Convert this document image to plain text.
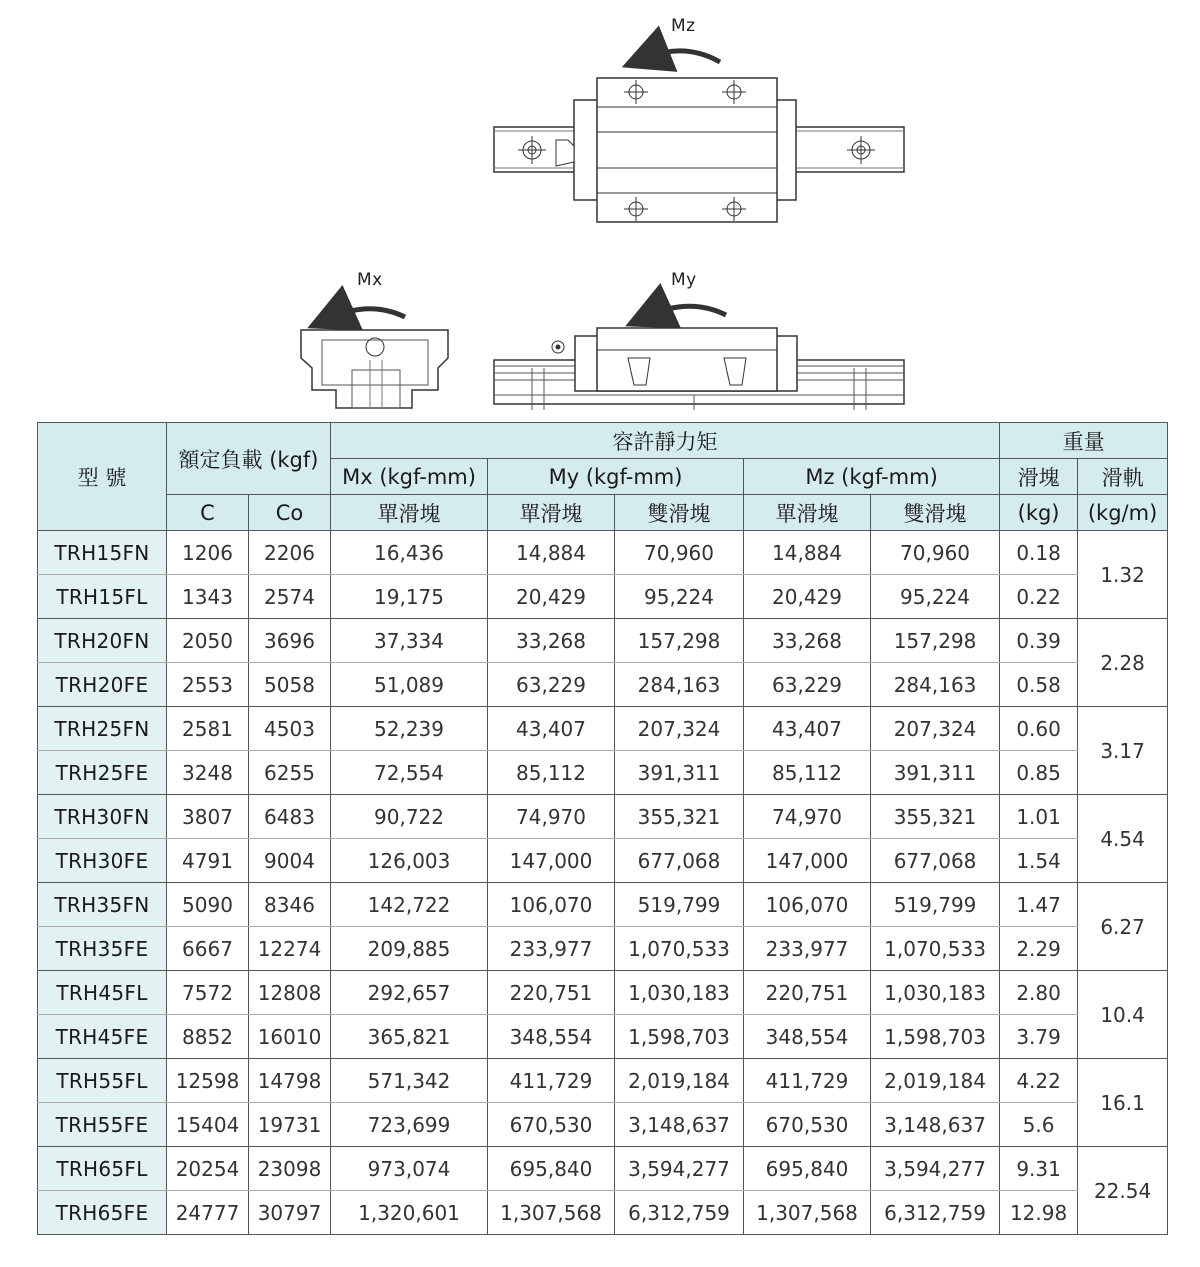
Mz
Mx	My
型 號	額定負載 (kgf)		容許靜力矩					重量	
			Mx (kgf-mm)	My (kgf-mm)		Mz (kgf-mm)		滑塊	滑軌
	C	Co	單滑塊	單滑塊	雙滑塊	單滑塊	雙滑塊	(kg)	(kg/m)
TRH15FN	1206	2206	16,436	14,884	70,960	14,884	70,960	0.18	1.32
TRH15FL	1343	2574	19,175	20,429	95,224	20,429	95,224	0.22	
TRH20FN	2050	3696	37,334	33,268	157,298	33,268	157,298	0.39	2.28
TRH20FE	2553	5058	51,089	63,229	284,163	63,229	284,163	0.58	
TRH25FN	2581	4503	52,239	43,407	207,324	43,407	207,324	0.60	3.17
TRH25FE	3248	6255	72,554	85,112	391,311	85,112	391,311	0.85	
TRH30FN	3807	6483	90,722	74,970	355,321	74,970	355,321	1.01	4.54
TRH30FE	4791	9004	126,003	147,000	677,068	147,000	677,068	1.54	
TRH35FN	5090	8346	142,722	106,070	519,799	106,070	519,799	1.47	6.27
TRH35FE	6667	12274	209,885	233,977	1,070,533	233,977	1,070,533	2.29	
TRH45FL	7572	12808	292,657	220,751	1,030,183	220,751	1,030,183	2.80	10.4
TRH45FE	8852	16010	365,821	348,554	1,598,703	348,554	1,598,703	3.79	
TRH55FL	12598	14798	571,342	411,729	2,019,184	411,729	2,019,184	4.22	16.1
TRH55FE	15404	19731	723,699	670,530	3,148,637	670,530	3,148,637	5.6	
TRH65FL	20254	23098	973,074	695,840	3,594,277	695,840	3,594,277	9.31	22.54
TRH65FE	24777	30797	1,320,601	1,307,568	6,312,759	1,307,568	6,312,759	12.98	
